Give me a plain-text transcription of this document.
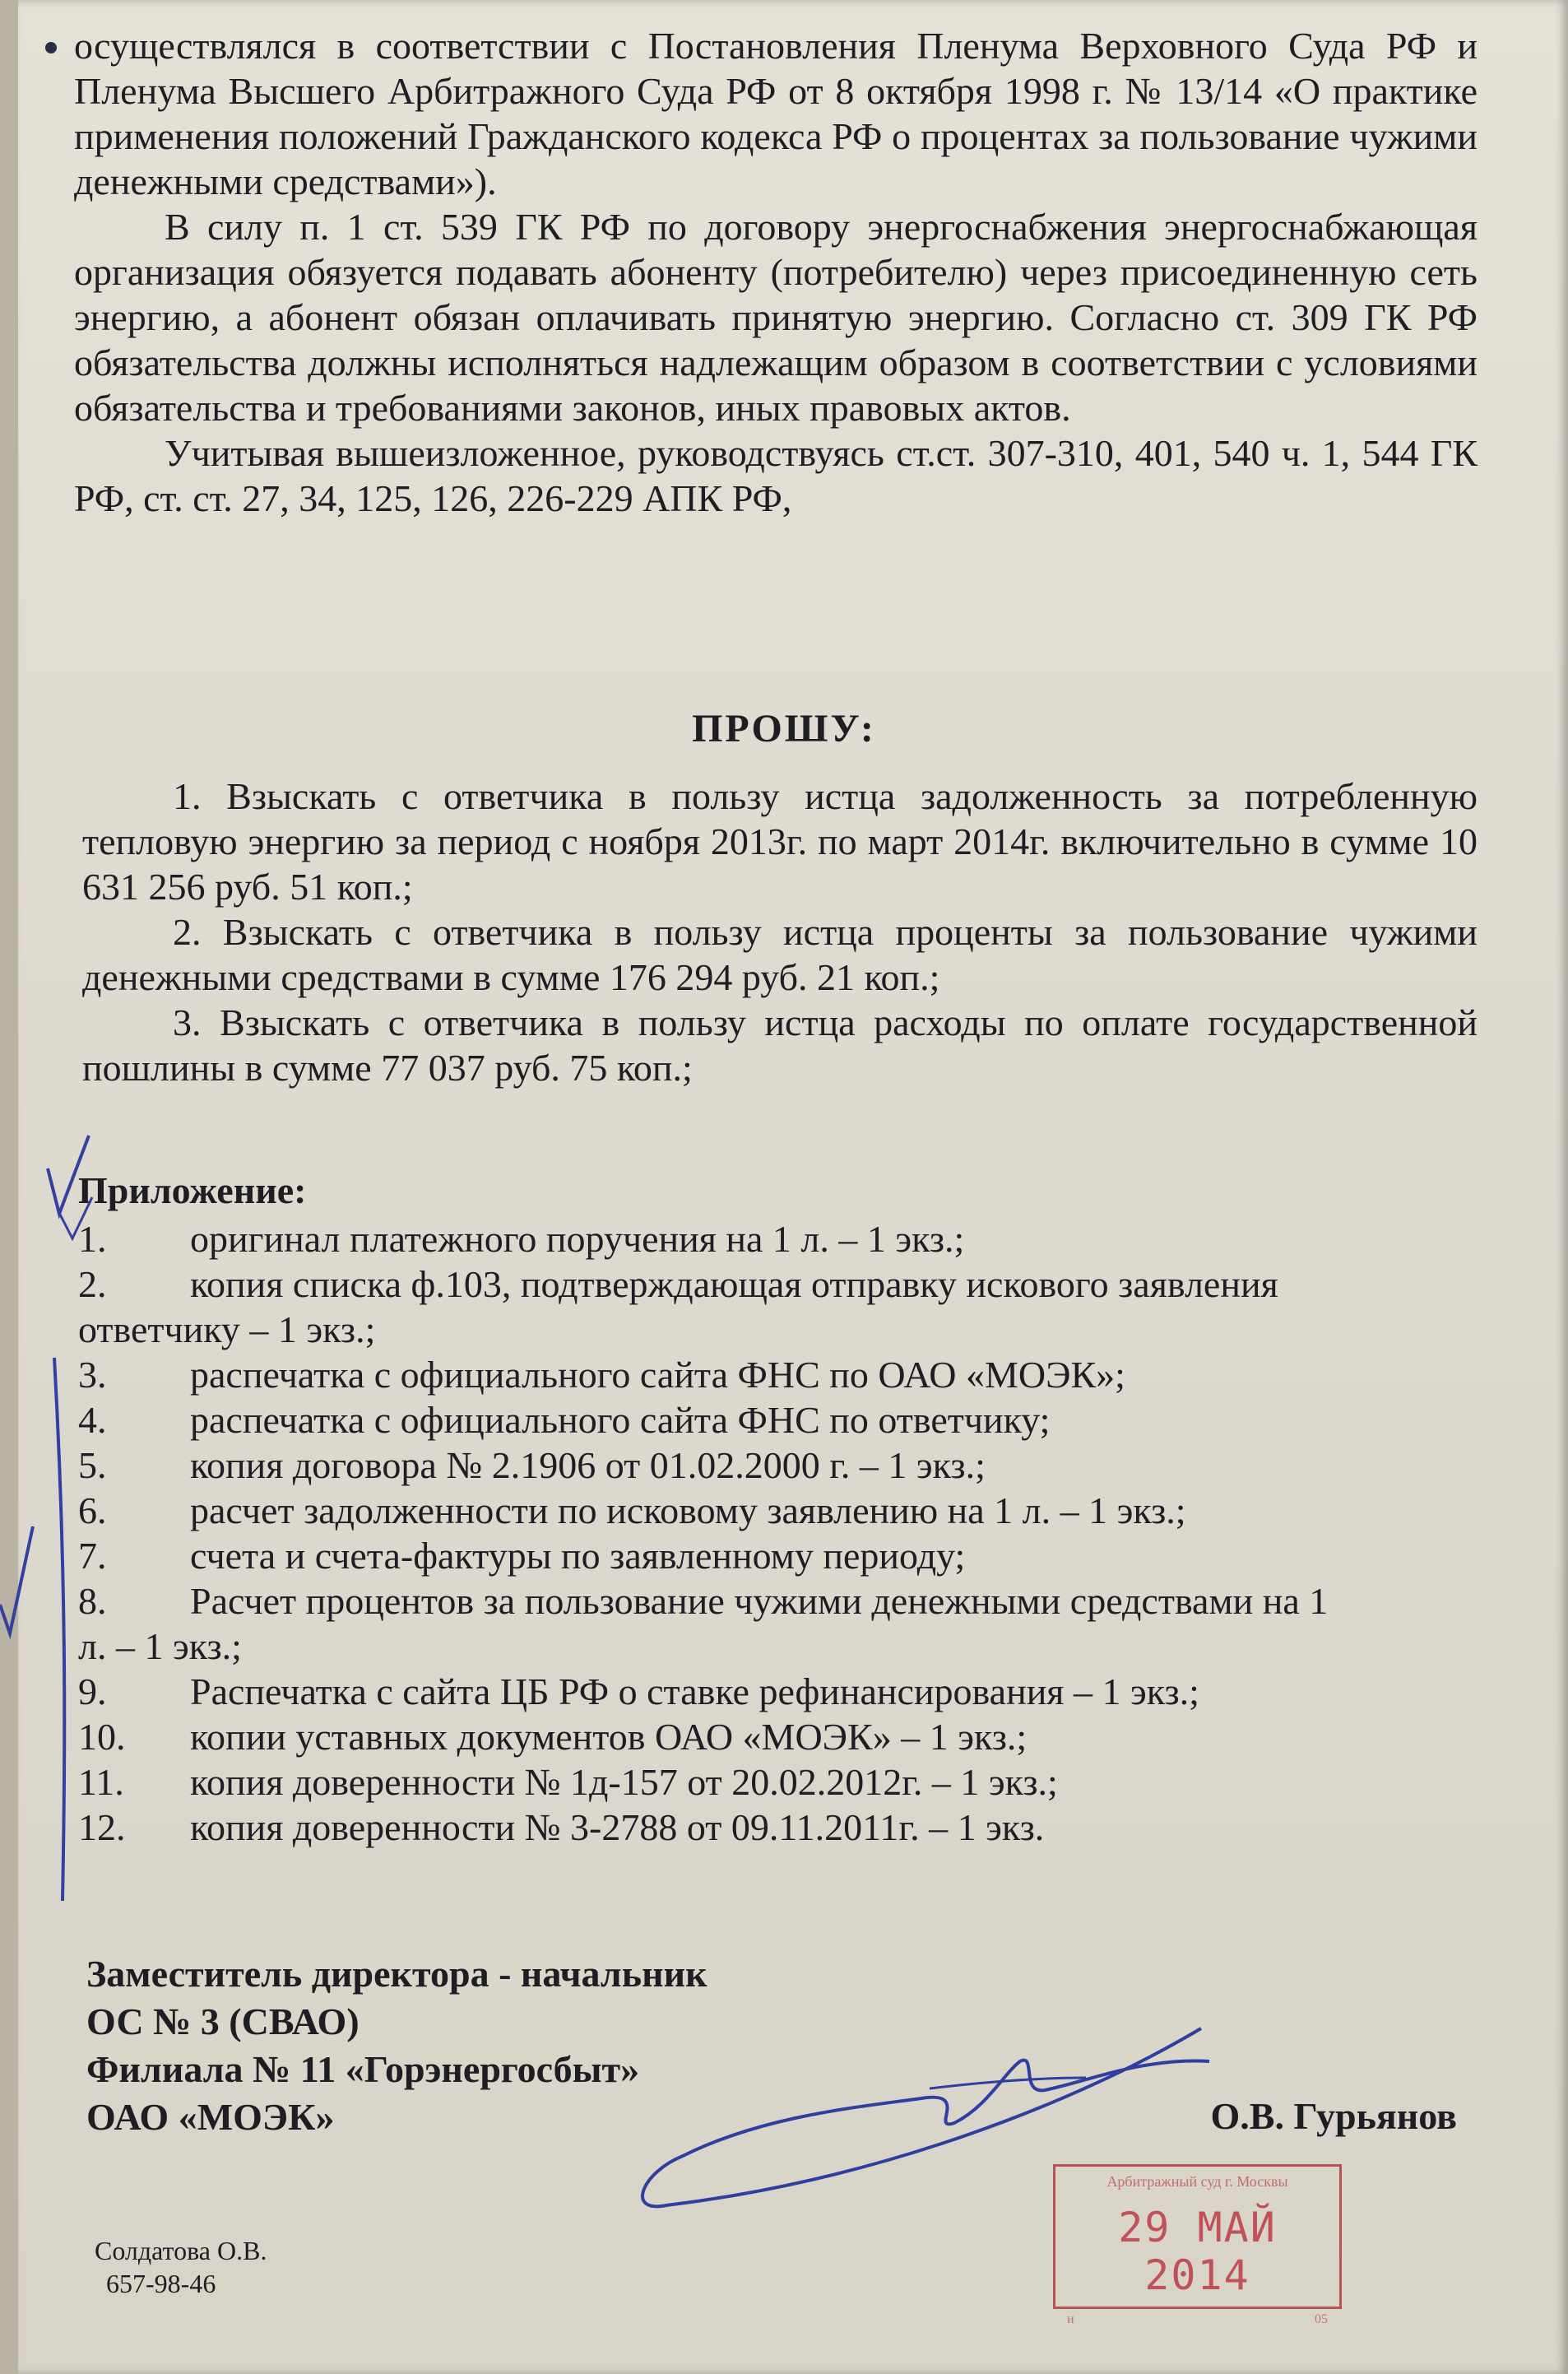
осуществлялся в соответствии с Постановления Пленума Верховного Суда РФ и Пленума Высшего Арбитражного Суда РФ от 8 октября 1998 г. № 13/14 «О практике применения положений Гражданского кодекса РФ о процентах за пользование чужими денежными средствами»).

В силу п. 1 ст. 539 ГК РФ по договору энергоснабжения энергоснабжающая организация обязуется подавать абоненту (потребителю) через присоединенную сеть энергию, а абонент обязан оплачивать принятую энергию. Согласно ст. 309 ГК РФ обязательства должны исполняться надлежащим образом в соответствии с условиями обязательства и требованиями законов, иных правовых актов.

Учитывая вышеизложенное, руководствуясь ст.ст. 307-310, 401, 540 ч. 1, 544 ГК РФ, ст. ст. 27, 34, 125, 126, 226-229 АПК РФ,

ПРОШУ:

1. Взыскать с ответчика в пользу истца задолженность за потребленную тепловую энергию за период с ноября 2013г. по март 2014г. включительно в сумме 10 631 256 руб. 51 коп.;

2. Взыскать с ответчика в пользу истца проценты за пользование чужими денежными средствами в сумме 176 294 руб. 21 коп.;

3. Взыскать с ответчика в пользу истца расходы по оплате государственной пошлины в сумме 77 037 руб. 75 коп.;

Приложение:
1.	оригинал платежного поручения на 1 л. – 1 экз.;
2.	копия списка ф.103, подтверждающая отправку искового заявления
ответчику – 1 экз.;
3.	распечатка с официального сайта ФНС по ОАО «МОЭК»;
4.	распечатка с официального сайта ФНС по ответчику;
5.	копия договора № 2.1906 от 01.02.2000 г. – 1 экз.;
6.	расчет задолженности по исковому заявлению на 1 л. – 1 экз.;
7.	счета и счета-фактуры по заявленному периоду;
8.	Расчет процентов за пользование чужими денежными средствами на 1
л. – 1 экз.;
9.	Распечатка с сайта ЦБ РФ о ставке рефинансирования – 1 экз.;
10.	копии уставных документов ОАО «МОЭК» – 1 экз.;
11.	копия доверенности № 1д-157 от 20.02.2012г. – 1 экз.;
12.	копия доверенности № 3-2788 от 09.11.2011г. – 1 экз.
Заместитель директора - начальник
ОС № 3 (СВАО)
Филиала № 11 «Горэнергосбыт»
ОАО «МОЭК»	О.В. Гурьянов
Солдатова О.В.
657-98-46
Арбитражный суд г. Москвы
29 МАЙ 2014
и	05
